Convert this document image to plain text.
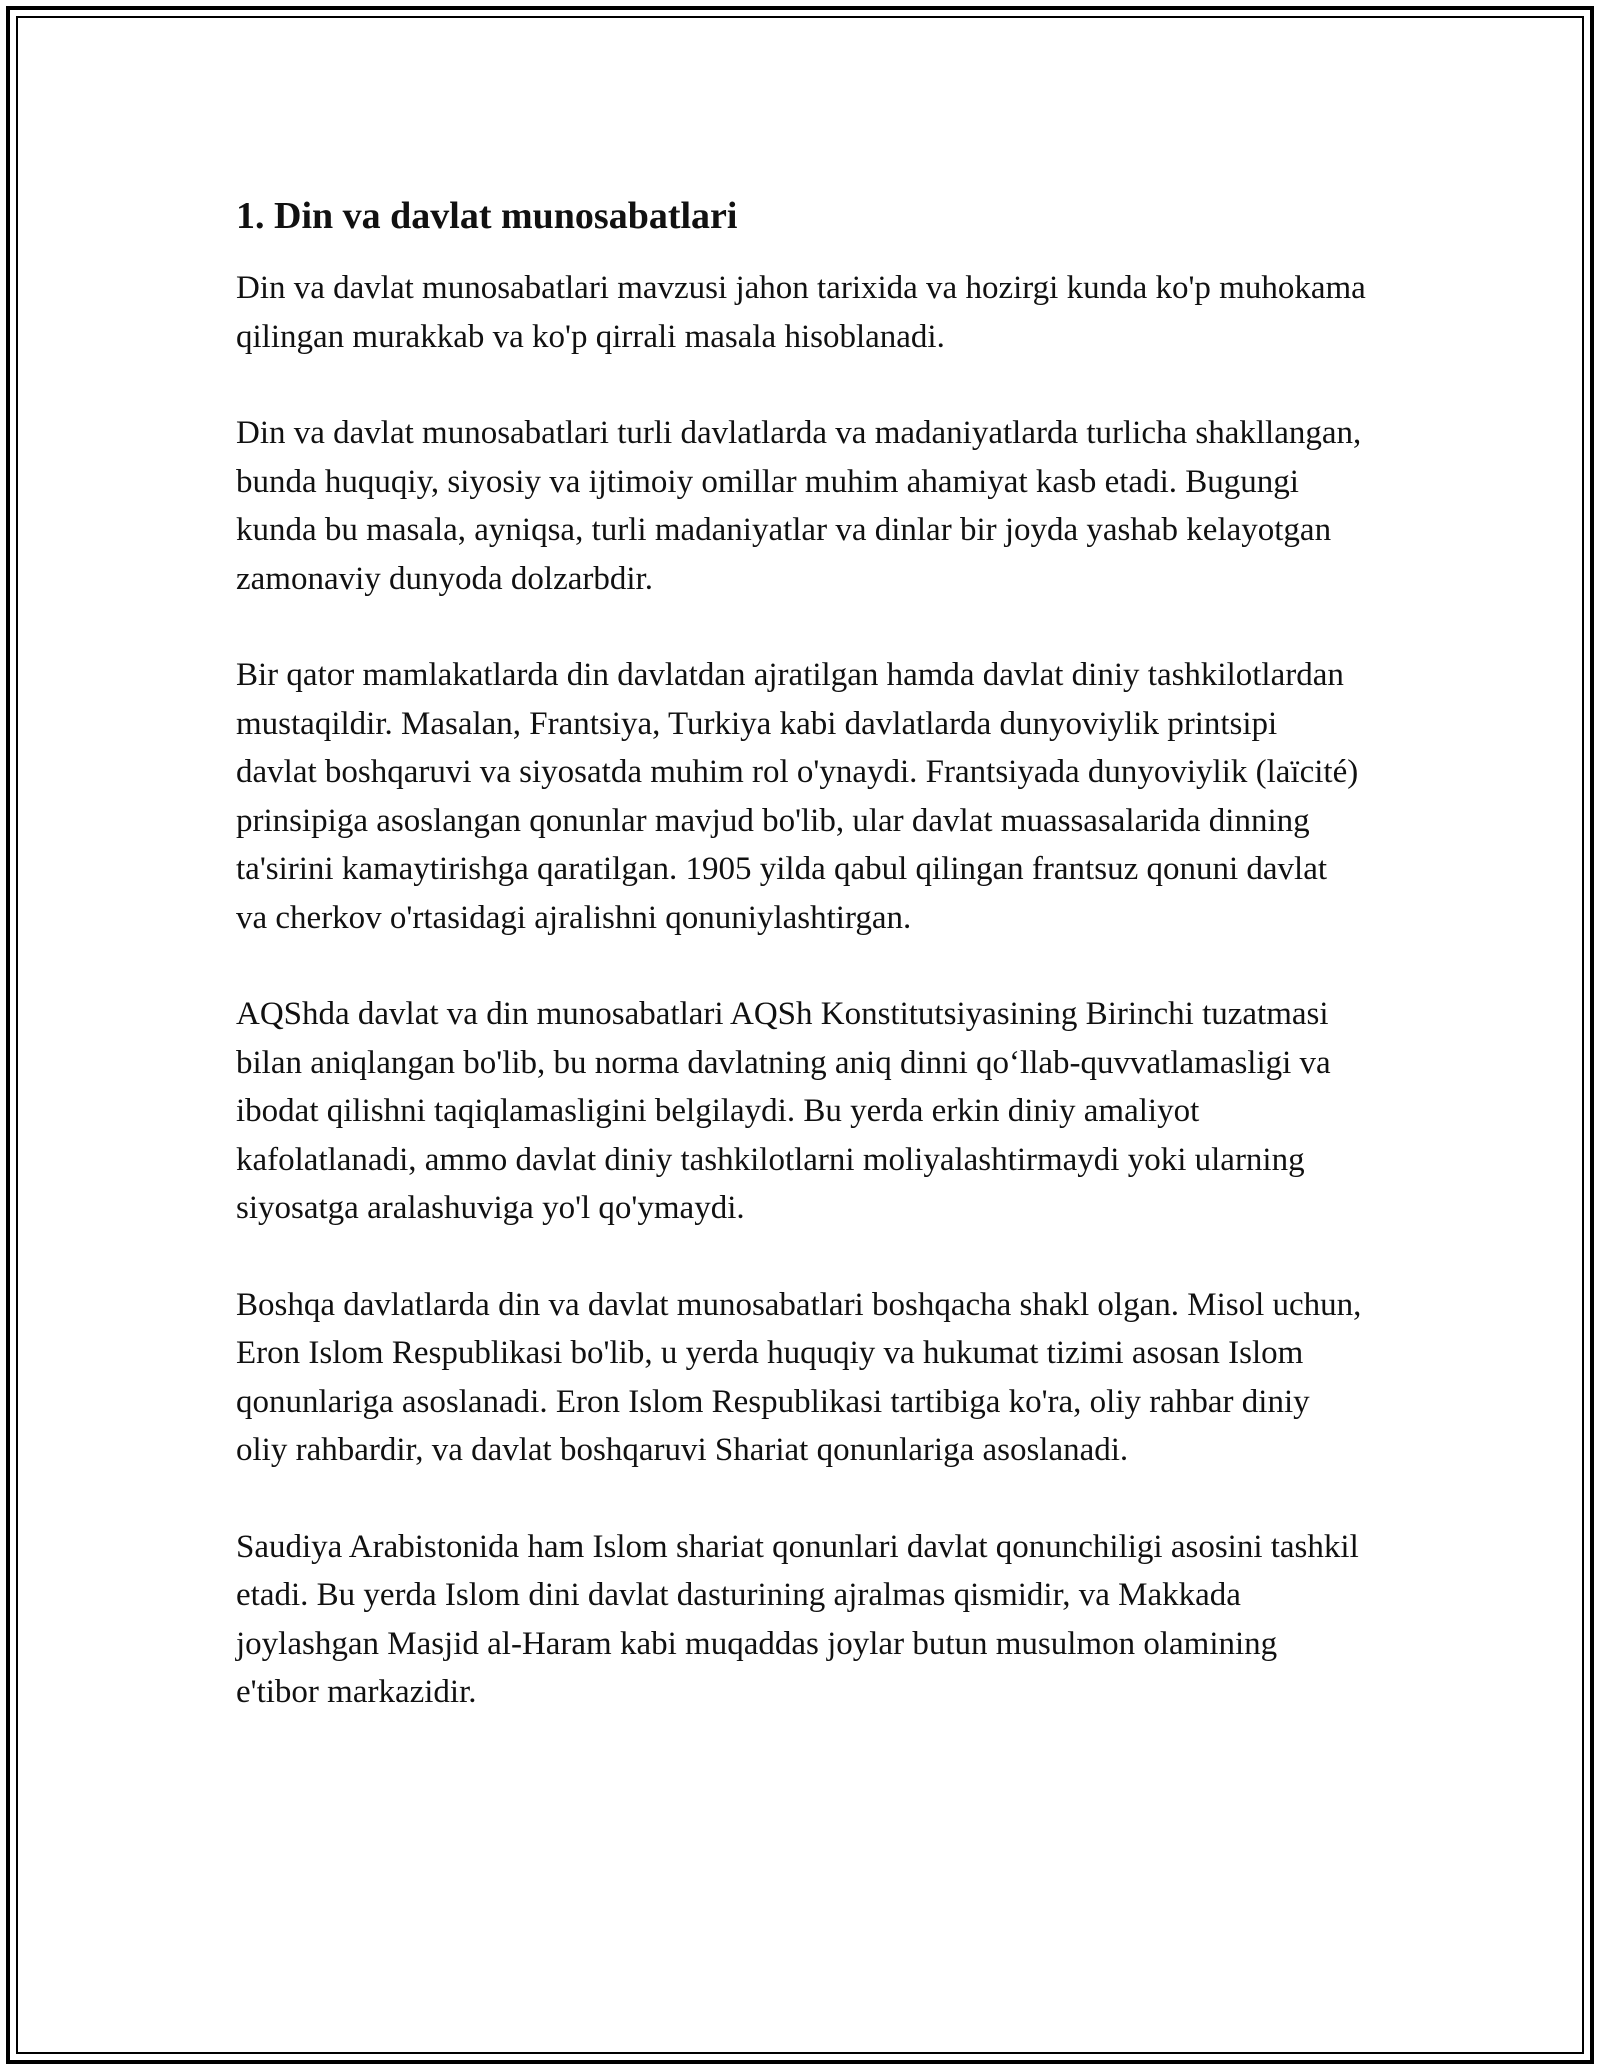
1. Din va davlat munosabatlari

Din va davlat munosabatlari mavzusi jahon tarixida va hozirgi kunda ko'p muhokama qilingan murakkab va ko'p qirrali masala hisoblanadi.

Din va davlat munosabatlari turli davlatlarda va madaniyatlarda turlicha shakllangan, bunda huquqiy, siyosiy va ijtimoiy omillar muhim ahamiyat kasb etadi. Bugungi kunda bu masala, ayniqsa, turli madaniyatlar va dinlar bir joyda yashab kelayotgan zamonaviy dunyoda dolzarbdir.

Bir qator mamlakatlarda din davlatdan ajratilgan hamda davlat diniy tashkilotlardan mustaqildir. Masalan, Frantsiya, Turkiya kabi davlatlarda dunyoviylik printsipi davlat boshqaruvi va siyosatda muhim rol o'ynaydi. Frantsiyada dunyoviylik (laïcité) prinsipiga asoslangan qonunlar mavjud bo'lib, ular davlat muassasalarida dinning ta'sirini kamaytirishga qaratilgan. 1905 yilda qabul qilingan frantsuz qonuni davlat va cherkov o'rtasidagi ajralishni qonuniylashtirgan.

AQShda davlat va din munosabatlari AQSh Konstitutsiyasining Birinchi tuzatmasi bilan aniqlangan bo'lib, bu norma davlatning aniq dinni qo‘llab-quvvatlamasligi va ibodat qilishni taqiqlamasligini belgilaydi. Bu yerda erkin diniy amaliyot kafolatlanadi, ammo davlat diniy tashkilotlarni moliyalashtirmaydi yoki ularning siyosatga aralashuviga yo'l qo'ymaydi.

Boshqa davlatlarda din va davlat munosabatlari boshqacha shakl olgan. Misol uchun, Eron Islom Respublikasi bo'lib, u yerda huquqiy va hukumat tizimi asosan Islom qonunlariga asoslanadi. Eron Islom Respublikasi tartibiga ko'ra, oliy rahbar diniy oliy rahbardir, va davlat boshqaruvi Shariat qonunlariga asoslanadi.

Saudiya Arabistonida ham Islom shariat qonunlari davlat qonunchiligi asosini tashkil etadi. Bu yerda Islom dini davlat dasturining ajralmas qismidir, va Makkada joylashgan Masjid al-Haram kabi muqaddas joylar butun musulmon olamining e'tibor markazidir.
